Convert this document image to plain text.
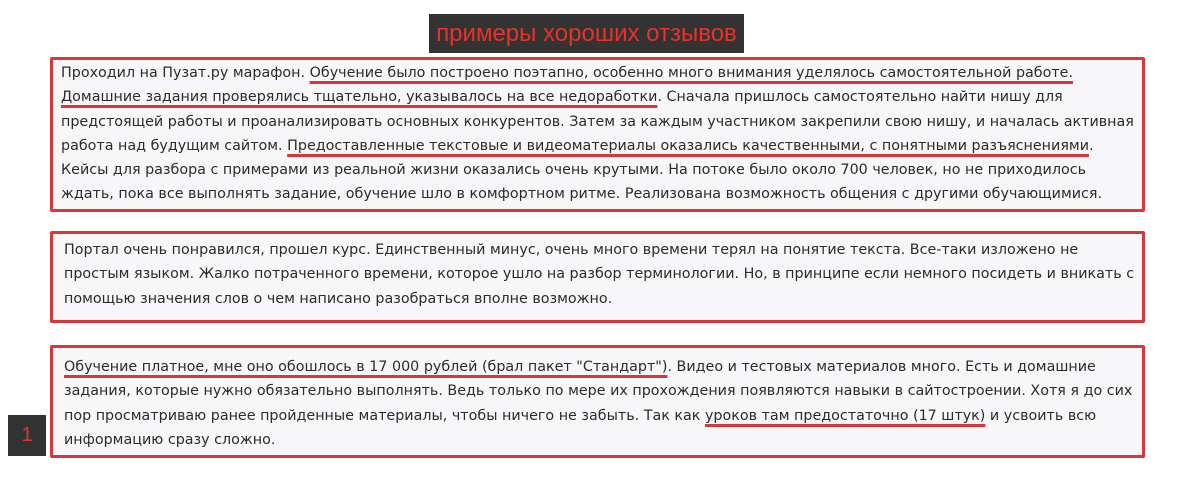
примеры хороших отзывов

Проходил на Пузат.ру марафон. Обучение было построено поэтапно, особенно много внимания уделялось самостоятельной работе. Домашние задания проверялись тщательно, указывалось на все недоработки. Сначала пришлось самостоятельно найти нишу для предстоящей работы и проанализировать основных конкурентов. Затем за каждым участником закрепили свою нишу, и началась активная работа над будущим сайтом. Предоставленные текстовые и видеоматериалы оказались качественными, с понятными разъяснениями. Кейсы для разбора с примерами из реальной жизни оказались очень крутыми. На потоке было около 700 человек, но не приходилось ждать, пока все выполнять задание, обучение шло в комфортном ритме. Реализована возможность общения с другими обучающимися.

Портал очень понравился, прошел курс. Единственный минус, очень много времени терял на понятие текста. Все-таки изложено не простым языком. Жалко потраченного времени, которое ушло на разбор терминологии. Но, в принципе если немного посидеть и вникать с помощью значения слов о чем написано разобраться вполне возможно.

Обучение платное, мне оно обошлось в 17 000 рублей (брал пакет "Стандарт"). Видео и тестовых материалов много. Есть и домашние задания, которые нужно обязательно выполнять. Ведь только по мере их прохождения появляются навыки в сайтостроении. Хотя я до сих пор просматриваю ранее пройденные материалы, чтобы ничего не забыть. Так как уроков там предостаточно (17 штук) и усвоить всю информацию сразу сложно.

1
